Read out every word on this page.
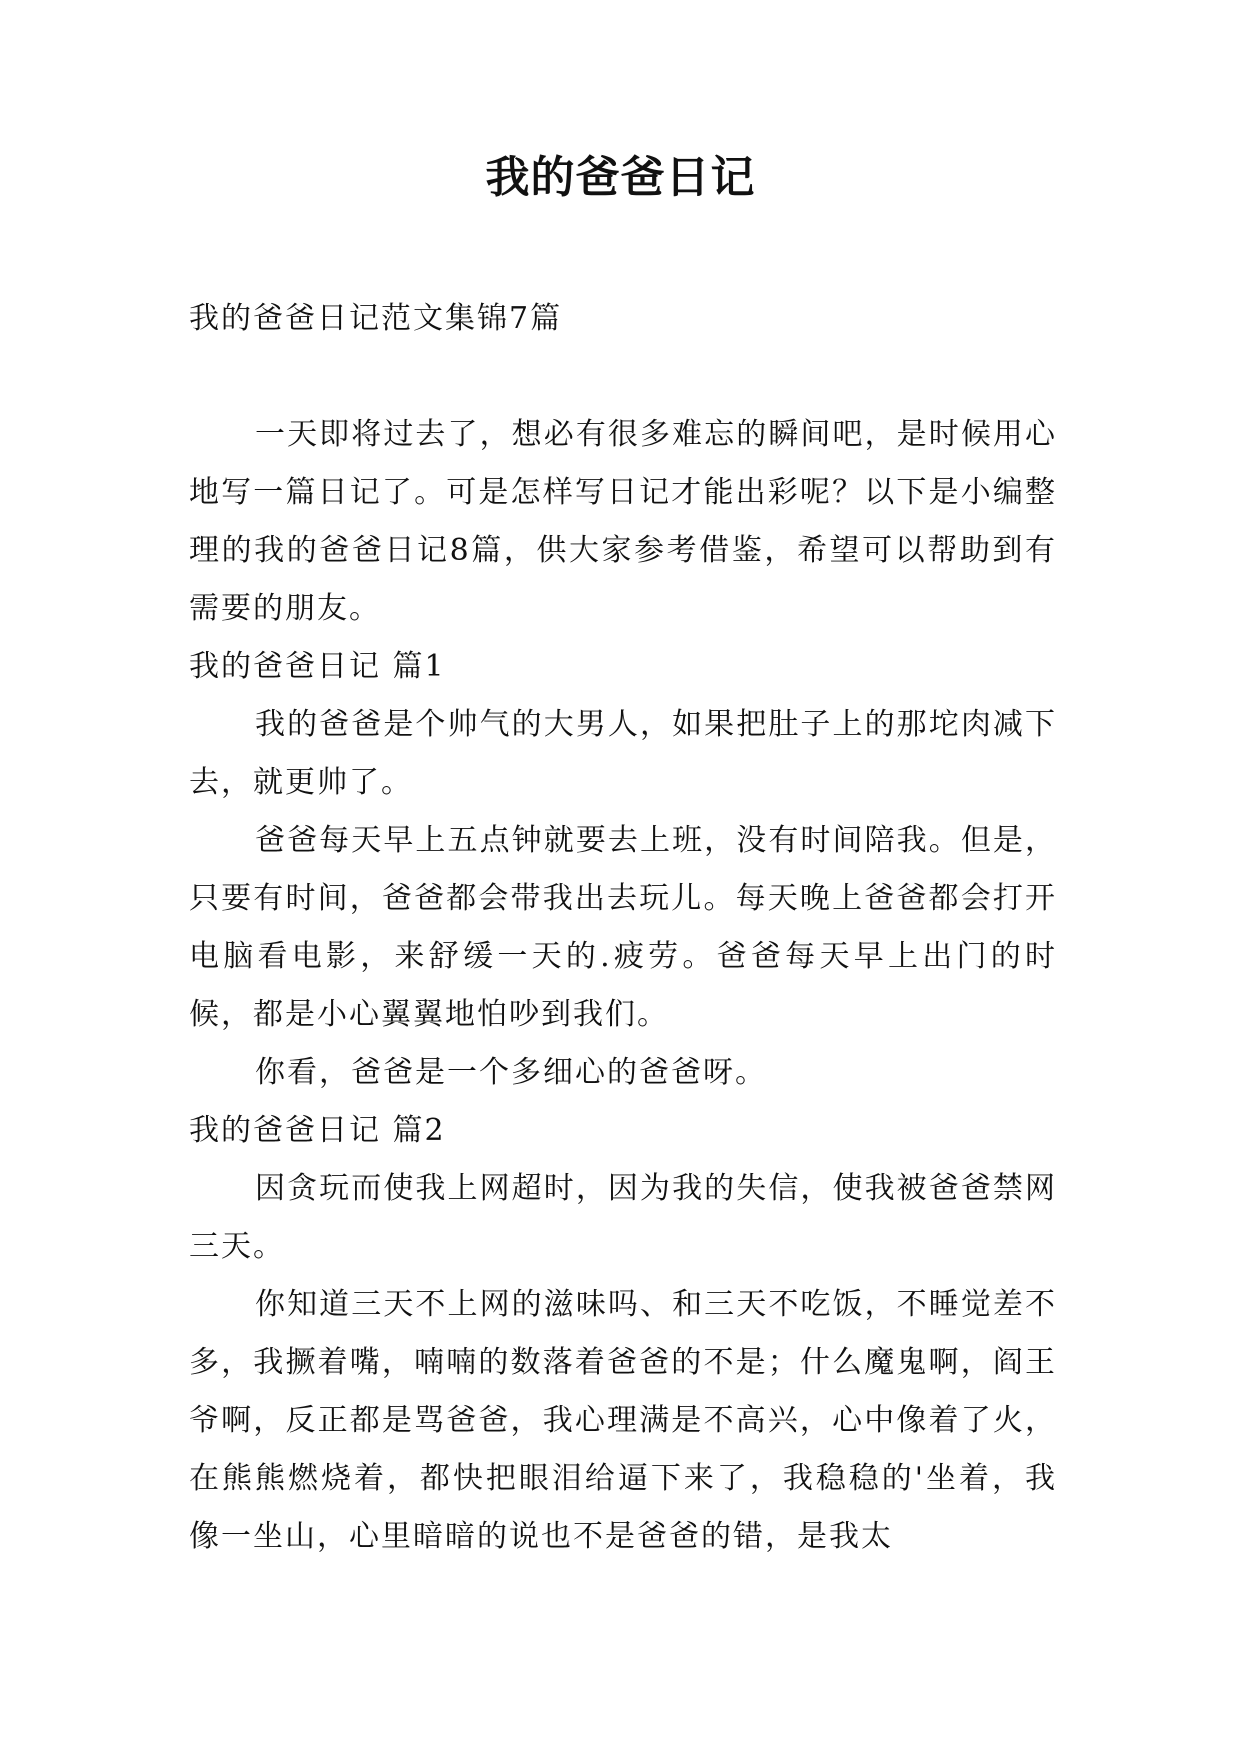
我的爸爸日记

我的爸爸日记范文集锦7篇

一天即将过去了，想必有很多难忘的瞬间吧，是时候用心地写一篇日记了。可是怎样写日记才能出彩呢？以下是小编整理的我的爸爸日记8篇，供大家参考借鉴，希望可以帮助到有需要的朋友。

我的爸爸日记 篇1

我的爸爸是个帅气的大男人，如果把肚子上的那坨肉减下去，就更帅了。

爸爸每天早上五点钟就要去上班，没有时间陪我。但是，只要有时间，爸爸都会带我出去玩儿。每天晚上爸爸都会打开电脑看电影，来舒缓一天的.疲劳。爸爸每天早上出门的时候，都是小心翼翼地怕吵到我们。

你看，爸爸是一个多细心的爸爸呀。

我的爸爸日记 篇2

因贪玩而使我上网超时，因为我的失信，使我被爸爸禁网三天。

你知道三天不上网的滋味吗、和三天不吃饭，不睡觉差不多，我撅着嘴，喃喃的数落着爸爸的不是；什么魔鬼啊，阎王爷啊，反正都是骂爸爸，我心理满是不高兴，心中像着了火，在熊熊燃烧着，都快把眼泪给逼下来了，我稳稳的'坐着，我像一坐山，心里暗暗的说也不是爸爸的错，是我太
